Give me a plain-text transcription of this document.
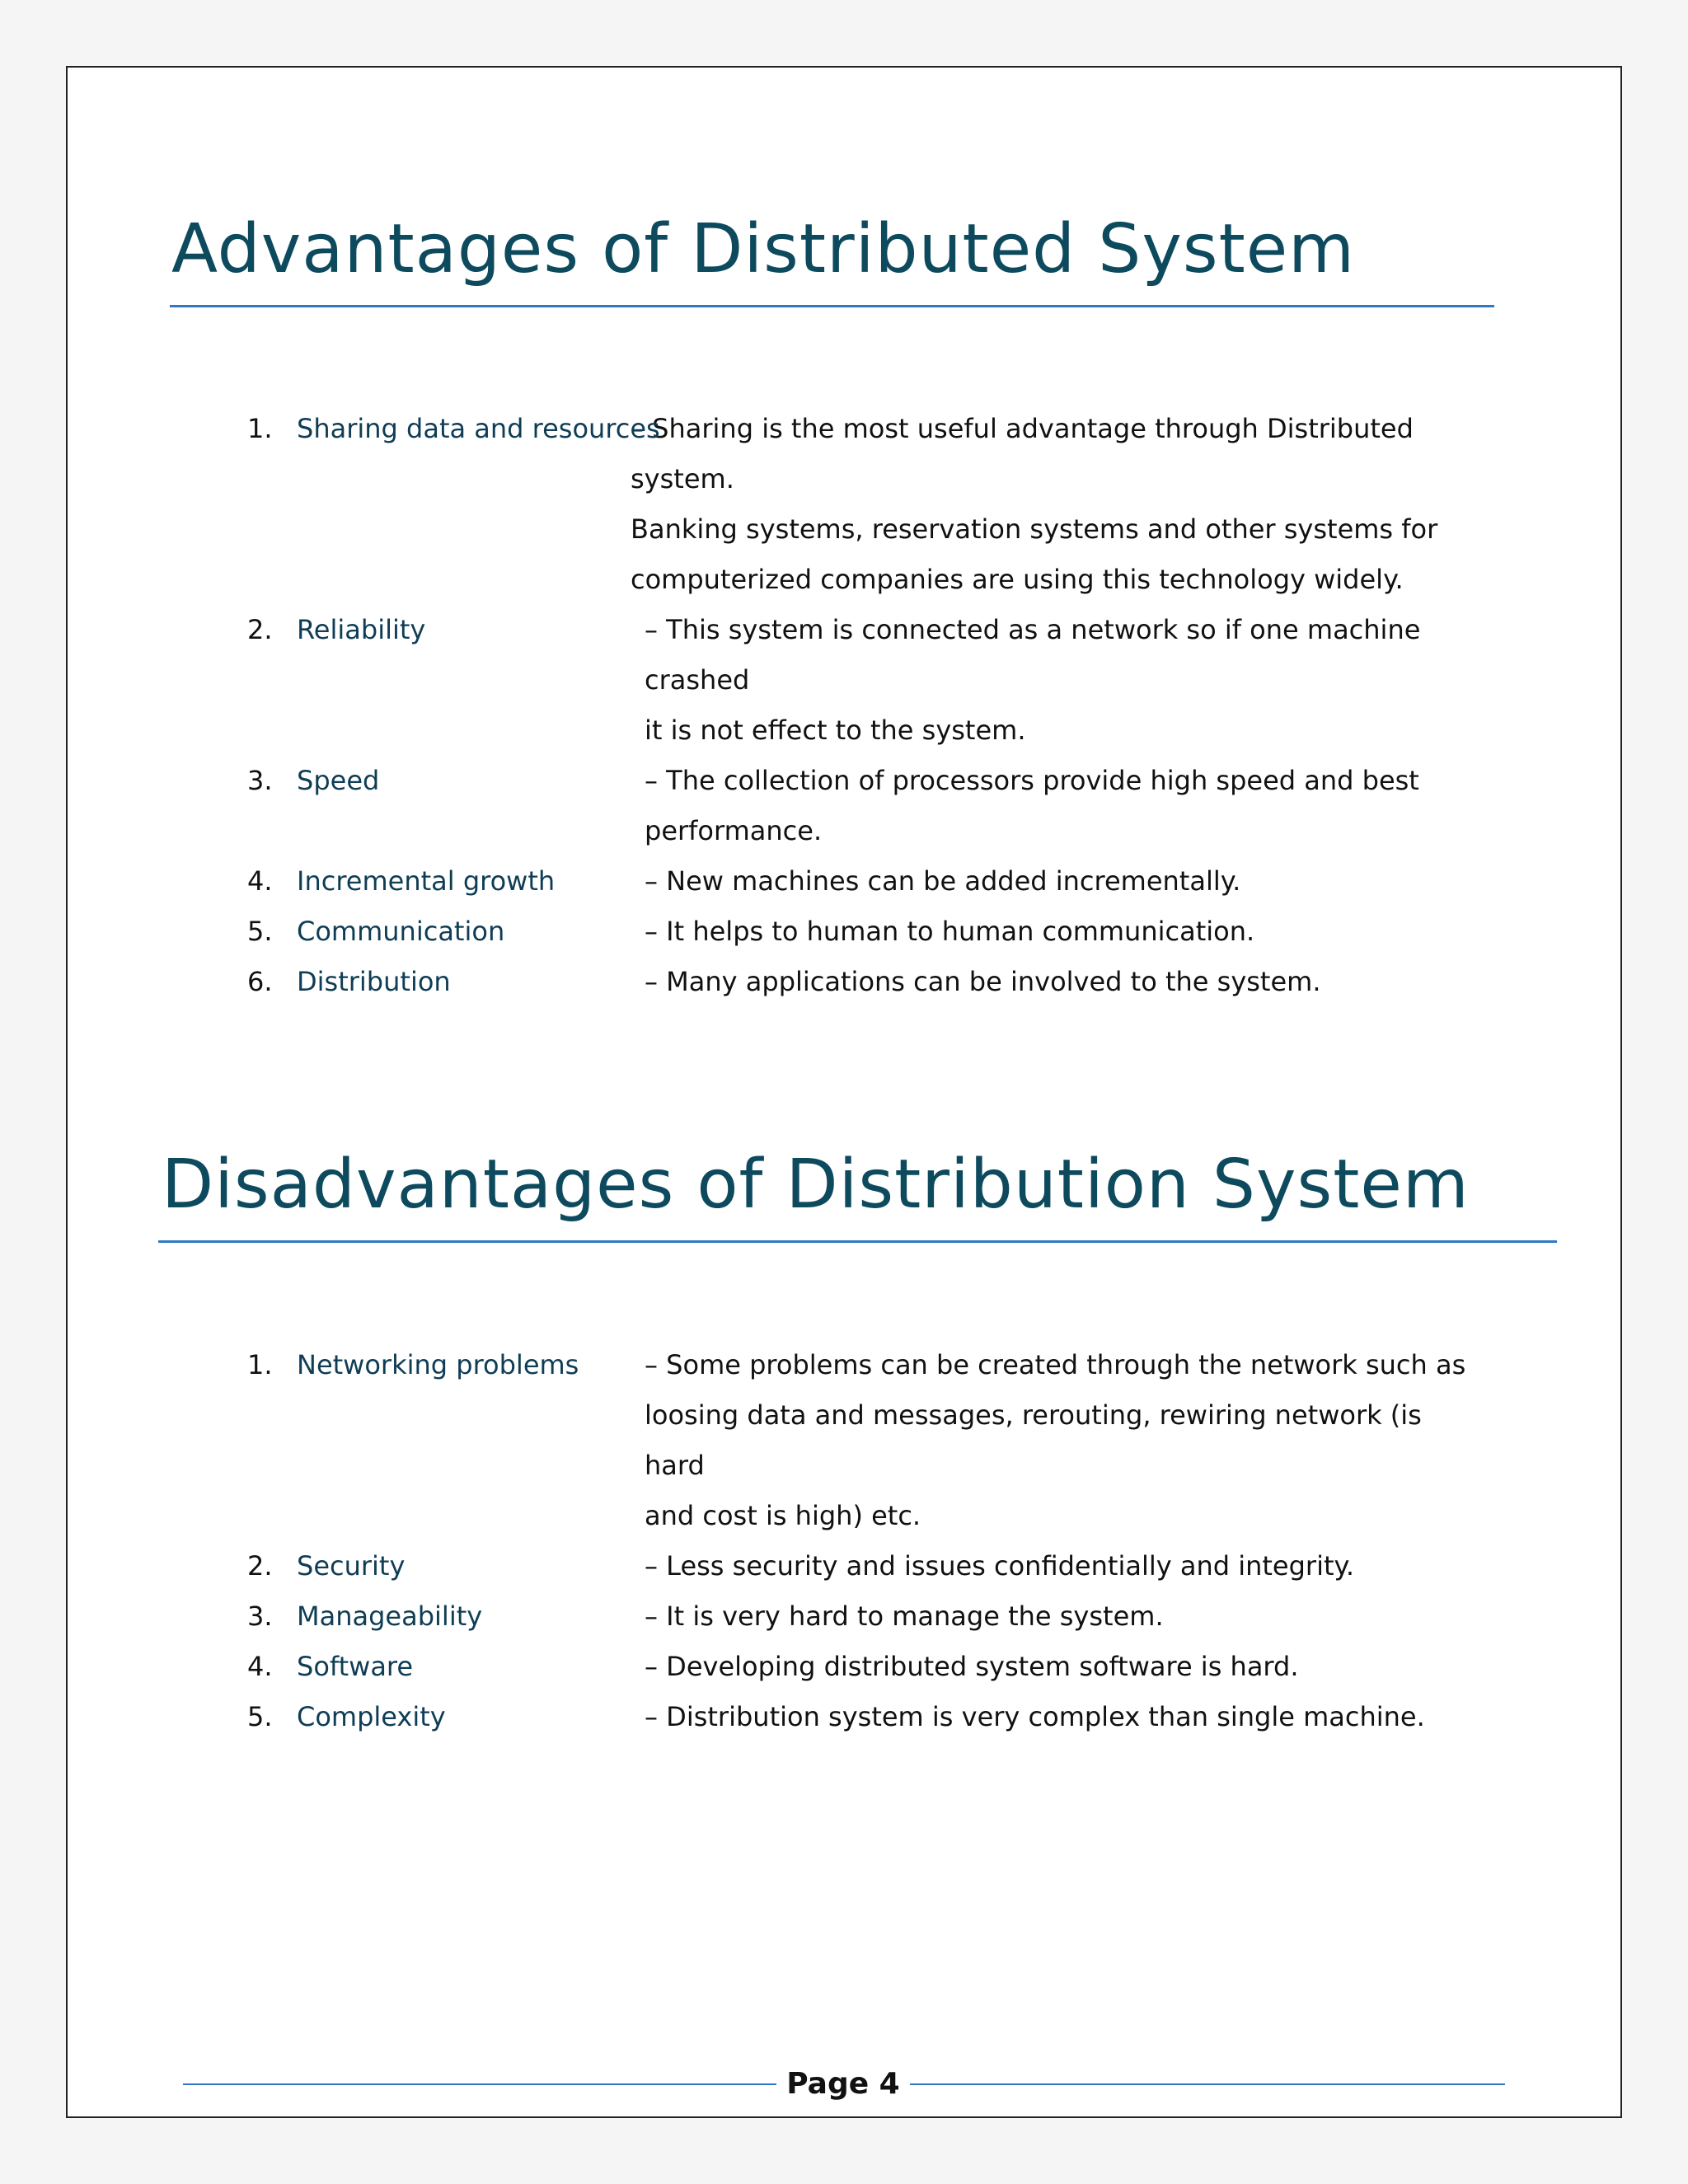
Advantages of Distributed System
1. Sharing data and resources
– Sharing is the most useful advantage through Distributed system.
Banking systems, reservation systems and other systems for
computerized companies are using this technology widely.
2. Reliability	– This system is connected as a network so if one machine crashed
it is not effect to the system.
3. Speed	– The collection of processors provide high speed and best
performance.
4. Incremental growth	– New machines can be added incrementally.
5. Communication	– It helps to human to human communication.
6. Distribution	– Many applications can be involved to the system.
Disadvantages of Distribution System
1. Networking problems – Some problems can be created through the network such as
loosing data and messages, rerouting, rewiring network (is hard
and cost is high) etc.
2. Security	– Less security and issues confidentially and integrity.
3. Manageability	– It is very hard to manage the system.
4. Software	– Developing distributed system software is hard.
5. Complexity	– Distribution system is very complex than single machine.
Page 4
